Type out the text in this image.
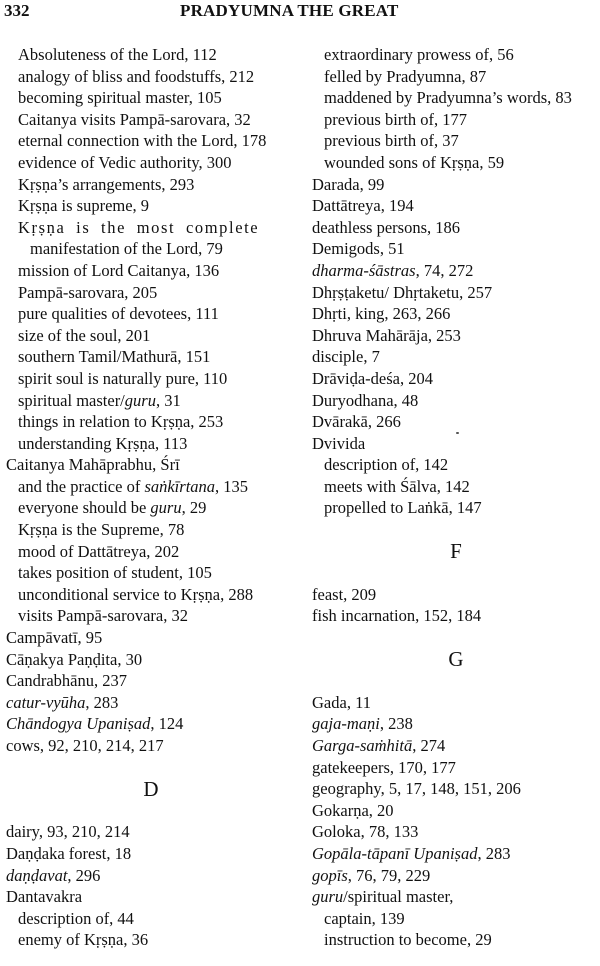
332	PRADYUMNA THE GREAT
Absoluteness of the Lord, 112
analogy of bliss and foodstuffs, 212
becoming spiritual master, 105
Caitanya visits Pampā-sarovara, 32
eternal connection with the Lord, 178
evidence of Vedic authority, 300
Kṛṣṇa’s arrangements, 293
Kṛṣṇa is supreme, 9
Kṛṣṇa is the most complete
manifestation of the Lord, 79
mission of Lord Caitanya, 136
Pampā-sarovara, 205
pure qualities of devotees, 111
size of the soul, 201
southern Tamil/Mathurā, 151
spirit soul is naturally pure, 110
spiritual master/guru, 31
things in relation to Kṛṣṇa, 253
understanding Kṛṣṇa, 113
Caitanya Mahāprabhu, Śrī
and the practice of saṅkīrtana, 135
everyone should be guru, 29
Kṛṣṇa is the Supreme, 78
mood of Dattātreya, 202
takes position of student, 105
unconditional service to Kṛṣṇa, 288
visits Pampā-sarovara, 32
Campāvatī, 95
Cāṇakya Paṇḍita, 30
Candrabhānu, 237
catur-vyūha, 283
Chāndogya Upaniṣad, 124
cows, 92, 210, 214, 217
D
dairy, 93, 210, 214
Daṇḍaka forest, 18
daṇḍavat, 296
Dantavakra
description of, 44
enemy of Kṛṣṇa, 36
extraordinary prowess of, 56
felled by Pradyumna, 87
maddened by Pradyumna’s words, 83
previous birth of, 177
previous birth of, 37
wounded sons of Kṛṣṇa, 59
Darada, 99
Dattātreya, 194
deathless persons, 186
Demigods, 51
dharma-śāstras, 74, 272
Dhṛṣṭaketu/ Dhṛtaketu, 257
Dhṛti, king, 263, 266
Dhruva Mahārāja, 253
disciple, 7
Drāviḍa-deśa, 204
Duryodhana, 48
Dvārakā, 266
Dvivida
description of, 142
meets with Śālva, 142
propelled to Laṅkā, 147
F
feast, 209
fish incarnation, 152, 184
G
Gada, 11
gaja-maṇi, 238
Garga-saṁhitā, 274
gatekeepers, 170, 177
geography, 5, 17, 148, 151, 206
Gokarṇa, 20
Goloka, 78, 133
Gopāla-tāpanī Upaniṣad, 283
gopīs, 76, 79, 229
guru/spiritual master,
captain, 139
instruction to become, 29
